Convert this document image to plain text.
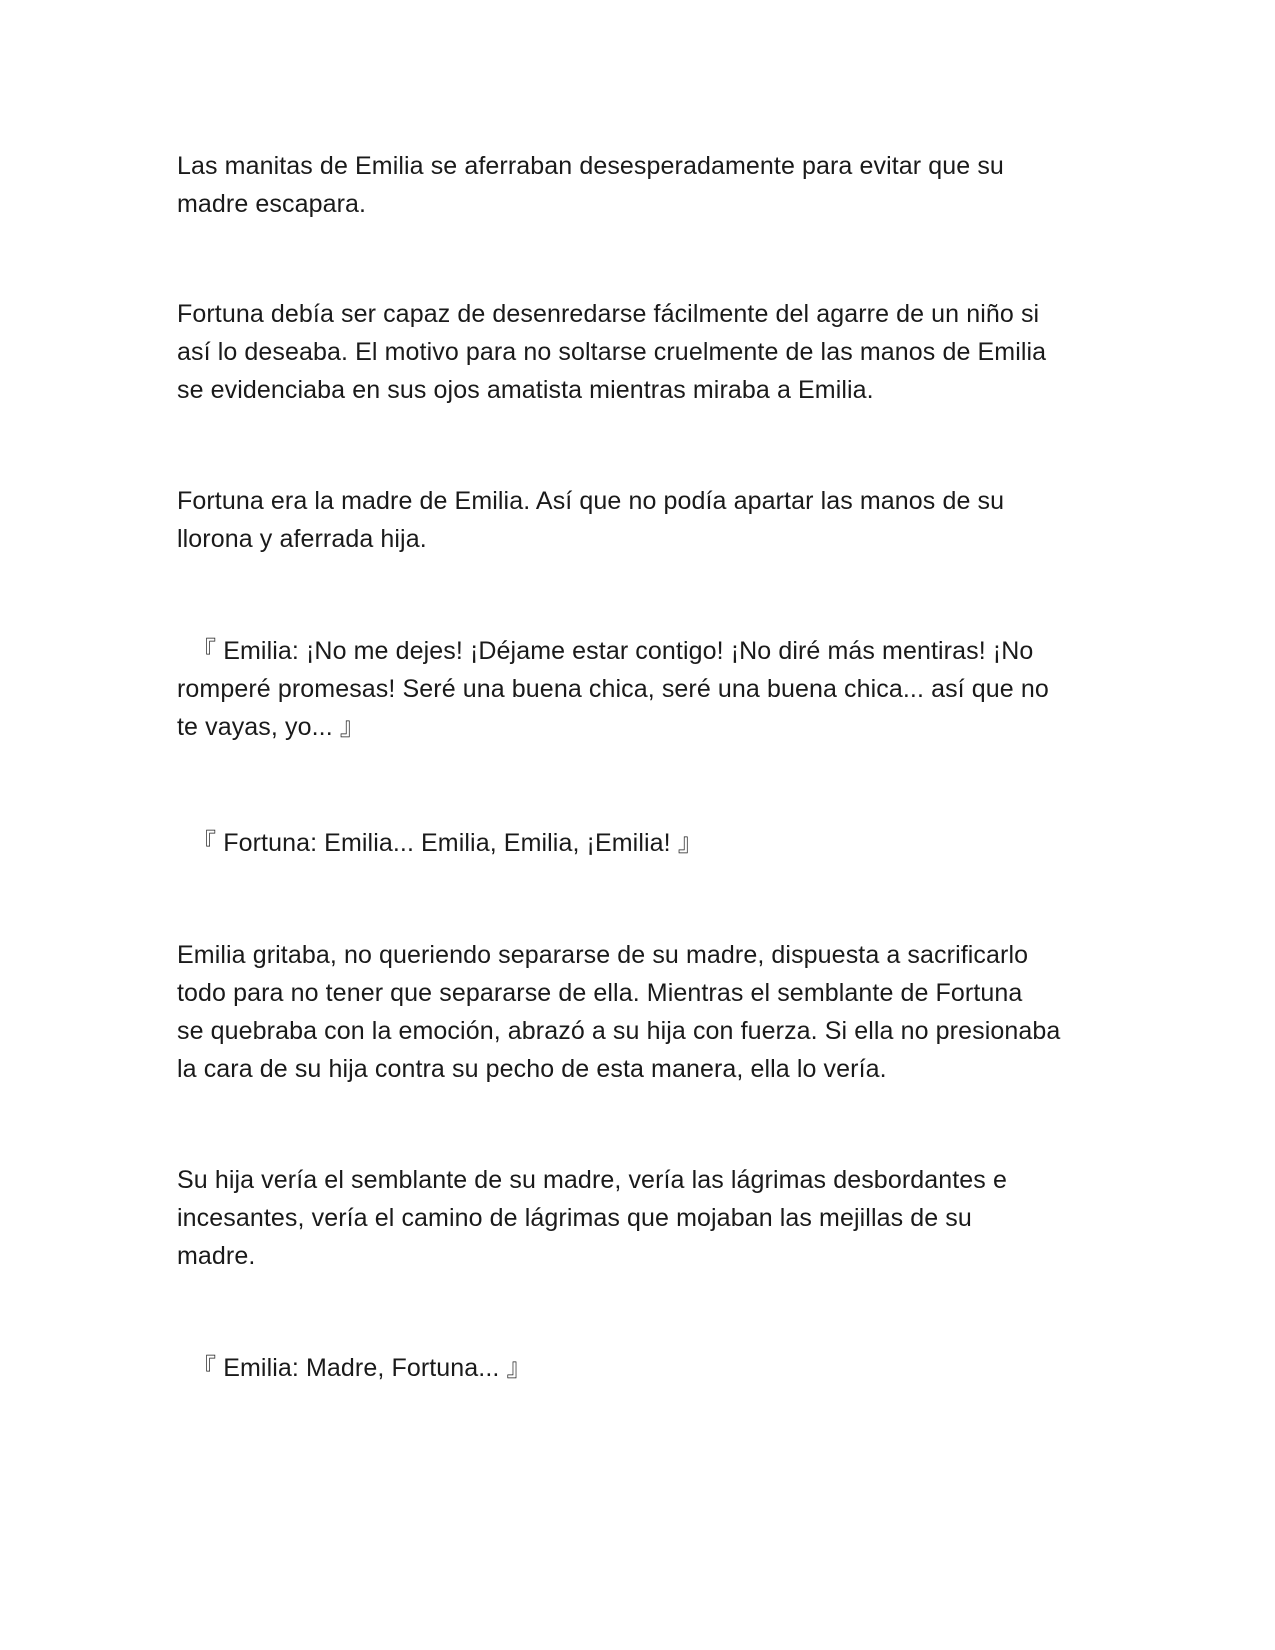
Las manitas de Emilia se aferraban desesperadamente para evitar que su
madre escapara.

Fortuna debía ser capaz de desenredarse fácilmente del agarre de un niño si
así lo deseaba. El motivo para no soltarse cruelmente de las manos de Emilia
se evidenciaba en sus ojos amatista mientras miraba a Emilia.

Fortuna era la madre de Emilia. Así que no podía apartar las manos de su
llorona y aferrada hija.

『 Emilia: ¡No me dejes! ¡Déjame estar contigo! ¡No diré más mentiras! ¡No
romperé promesas! Seré una buena chica, seré una buena chica... así que no
te vayas, yo... 』

『 Fortuna: Emilia... Emilia, Emilia, ¡Emilia! 』

Emilia gritaba, no queriendo separarse de su madre, dispuesta a sacrificarlo
todo para no tener que separarse de ella. Mientras el semblante de Fortuna
se quebraba con la emoción, abrazó a su hija con fuerza. Si ella no presionaba
la cara de su hija contra su pecho de esta manera, ella lo vería.

Su hija vería el semblante de su madre, vería las lágrimas desbordantes e
incesantes, vería el camino de lágrimas que mojaban las mejillas de su
madre.

『 Emilia: Madre, Fortuna... 』
